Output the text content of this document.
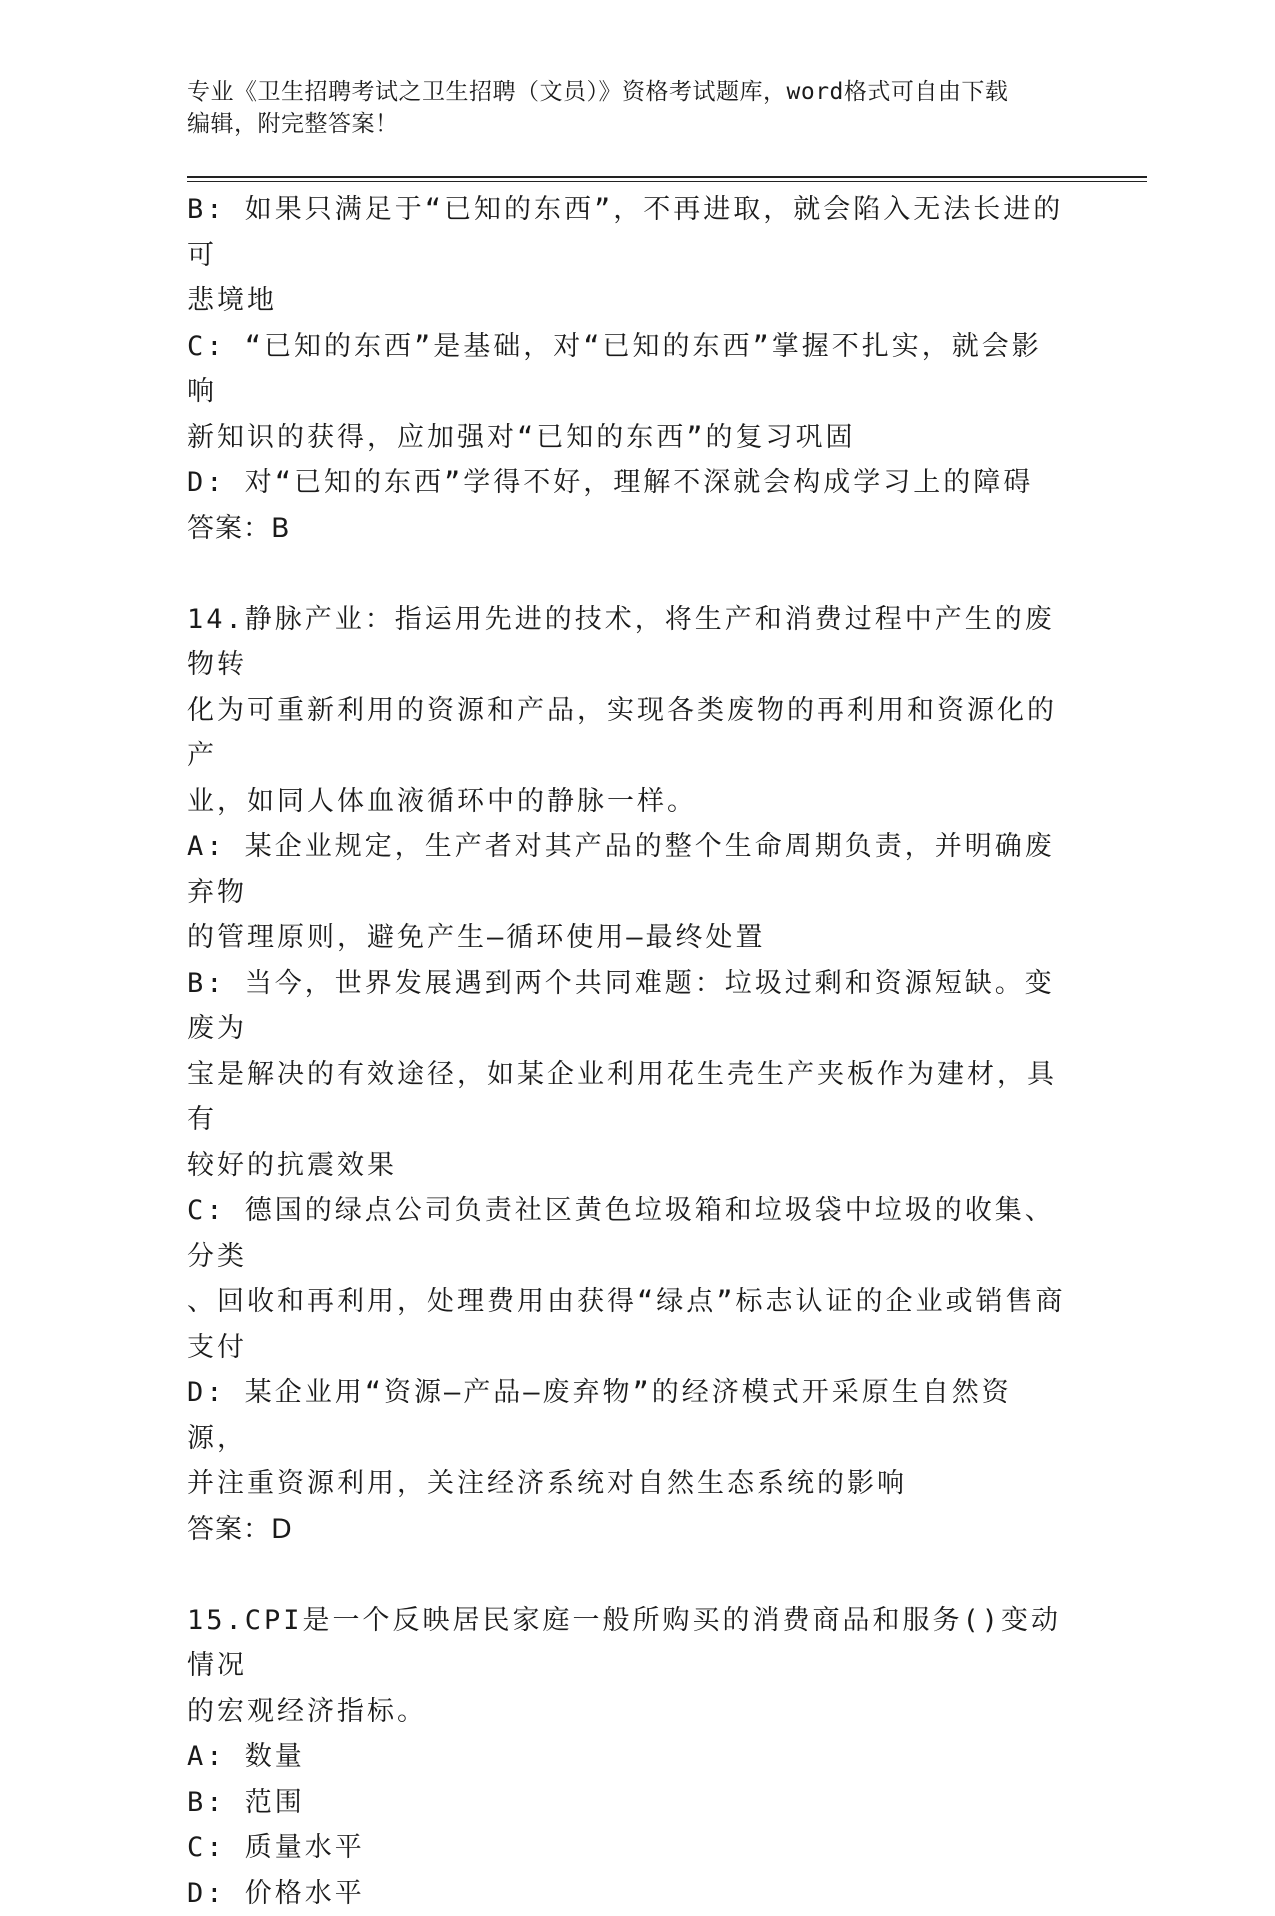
专业《卫生招聘考试之卫生招聘（文员）》资格考试题库，word格式可自由下载
编辑，附完整答案！
B: 如果只满足于“已知的东西”，不再进取，就会陷入无法长进的可
悲境地
C: “已知的东西”是基础，对“已知的东西”掌握不扎实，就会影响
新知识的获得，应加强对“已知的东西”的复习巩固
D: 对“已知的东西”学得不好，理解不深就会构成学习上的障碍
答案：B
14.静脉产业：指运用先进的技术，将生产和消费过程中产生的废物转
化为可重新利用的资源和产品，实现各类废物的再利用和资源化的产
业，如同人体血液循环中的静脉一样。
A: 某企业规定，生产者对其产品的整个生命周期负责，并明确废弃物
的管理原则，避免产生—循环使用—最终处置
B: 当今，世界发展遇到两个共同难题：垃圾过剩和资源短缺。变废为
宝是解决的有效途径，如某企业利用花生壳生产夹板作为建材，具有
较好的抗震效果
C: 德国的绿点公司负责社区黄色垃圾箱和垃圾袋中垃圾的收集、分类
、回收和再利用，处理费用由获得“绿点”标志认证的企业或销售商
支付
D: 某企业用“资源—产品—废弃物”的经济模式开采原生自然资源，
并注重资源利用，关注经济系统对自然生态系统的影响
答案：D
15.CPI是一个反映居民家庭一般所购买的消费商品和服务()变动情况
的宏观经济指标。
A: 数量
B: 范围
C: 质量水平
D: 价格水平
